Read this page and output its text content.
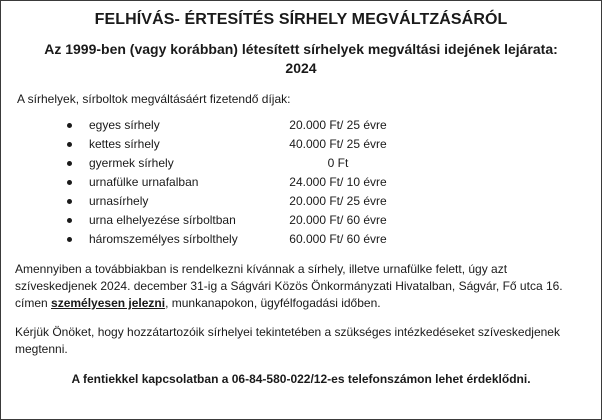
FELHÍVÁS- ÉRTESÍTÉS SÍRHELY MEGVÁLTZÁSÁRÓL
Az 1999-ben (vagy korábban) létesített sírhelyek megváltási idejének lejárata:
2024
A sírhelyek, sírboltok megváltásáért fizetendő díjak:
egyes sírhely	20.000 Ft/ 25 évre
kettes sírhely	40.000 Ft/ 25 évre
gyermek sírhely	0 Ft
urnafülke urnafalban	24.000 Ft/ 10 évre
urnasírhely	20.000 Ft/ 25 évre
urna elhelyezése sírboltban	20.000 Ft/ 60 évre
háromszemélyes sírbolthely	60.000 Ft/ 60 évre

Amennyiben a továbbiakban is rendelkezni kívánnak a sírhely, illetve urnafülke felett, úgy azt szíveskedjenek 2024. december 31-ig a Ságvári Közös Önkormányzati Hivatalban, Ságvár, Fő utca 16. címen személyesen jelezni, munkanapokon, ügyfélfogadási időben.

Kérjük Önöket, hogy hozzátartozóik sírhelyei tekintetében a szükséges intézkedéseket szíveskedjenek megtenni.

A fentiekkel kapcsolatban a 06-84-580-022/12-es telefonszámon lehet érdeklődni.
